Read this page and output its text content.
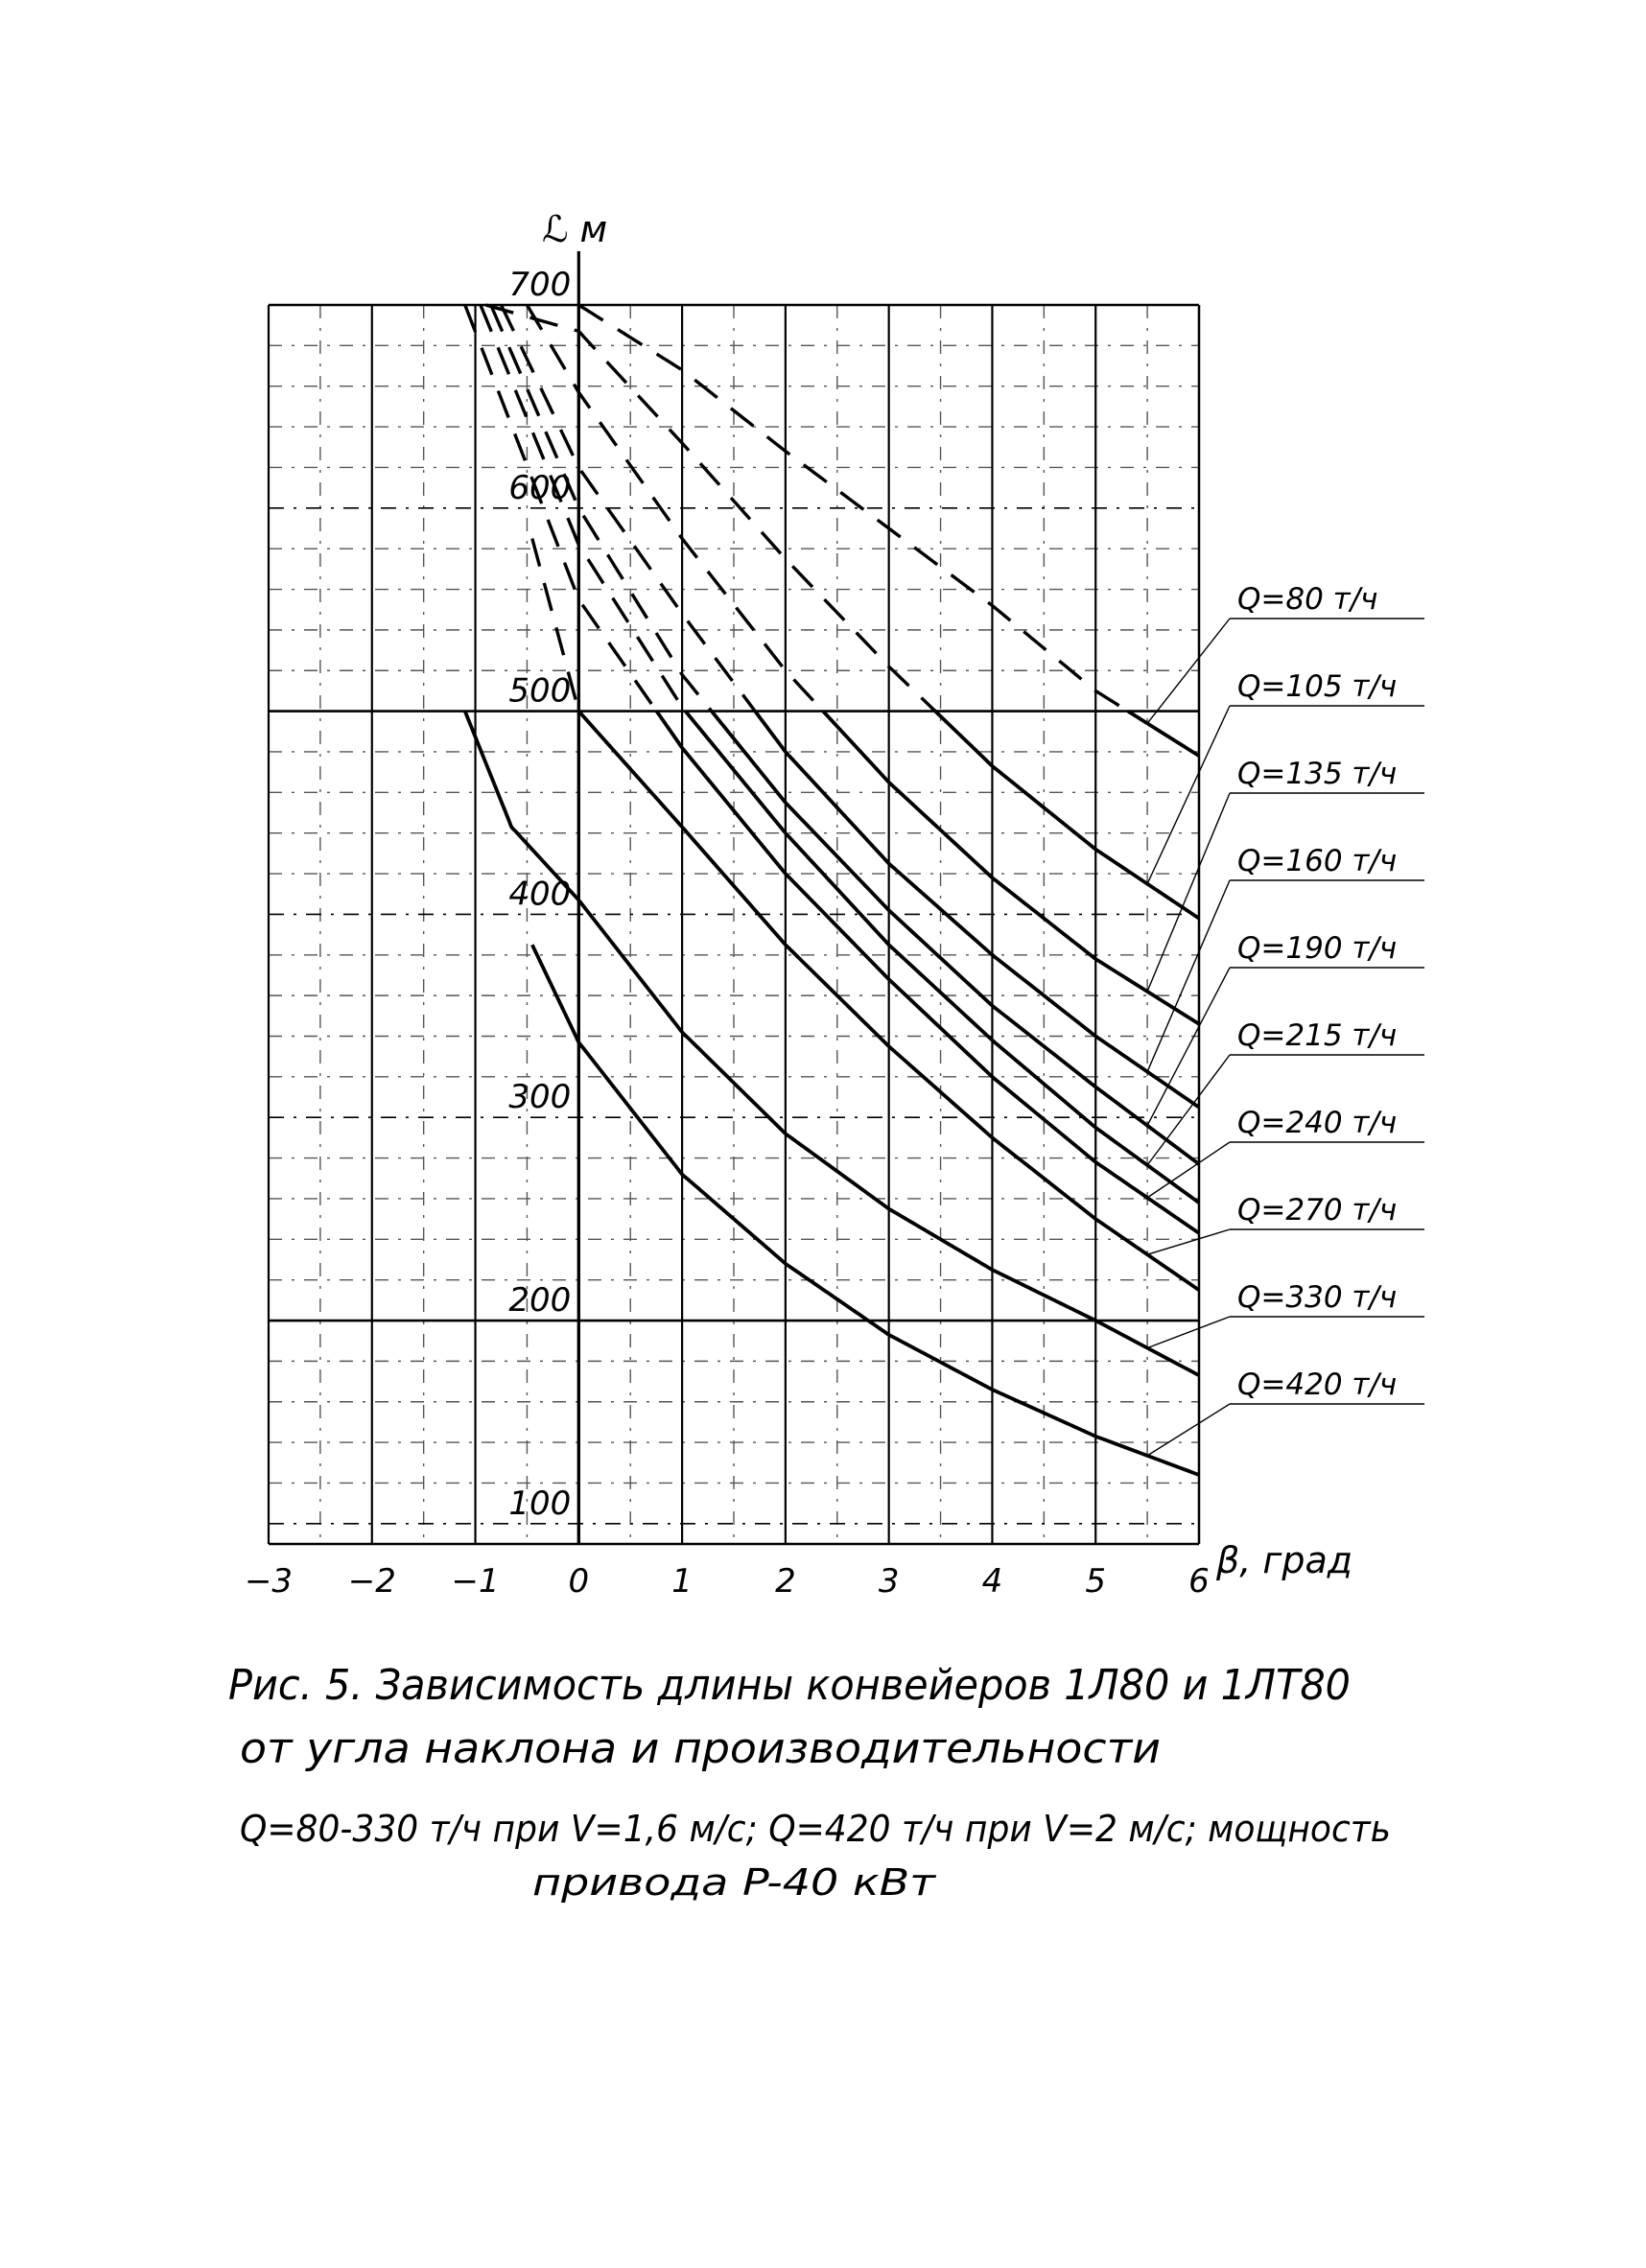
−3 −2 −1 0	1	2	3	4	5	6
100
200
300
400
500
600
700
Q=80 т/ч
Q=105 т/ч
Q=135 т/ч
Q=160 т/ч
Q=190 т/ч
Q=215 т/ч
Q=240 т/ч
Q=270 т/ч
Q=330 т/ч
Q=420 т/ч
ℒ м
β, град
Рис. 5. Зависимость длины конвейеров 1Л80 и 1ЛТ80
от угла наклона и производительности
Q=80-330 т/ч при V=1,6 м/с; Q=420 т/ч при V=2 м/с; мощность
привода P-40 кВт
